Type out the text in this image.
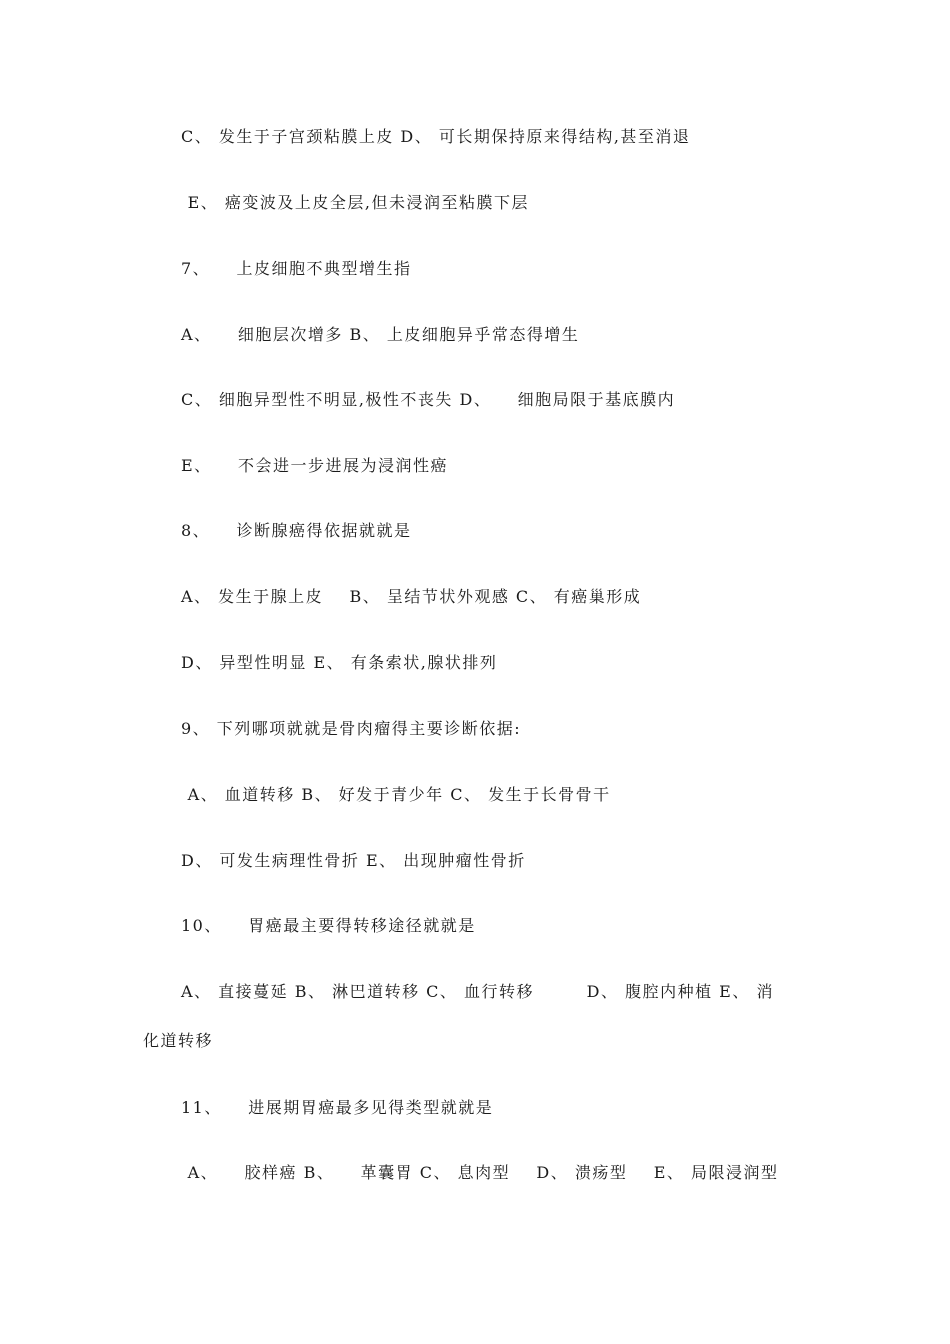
C、 发生于子宫颈粘膜上皮 D、 可长期保持原来得结构,甚至消退
E、 癌变波及上皮全层,但未浸润至粘膜下层
7、    上皮细胞不典型增生指
A、    细胞层次增多 B、 上皮细胞异乎常态得增生
C、 细胞异型性不明显,极性不丧失 D、    细胞局限于基底膜内
E、    不会进一步进展为浸润性癌
8、    诊断腺癌得依据就就是
A、 发生于腺上皮    B、 呈结节状外观感 C、 有癌巢形成
D、 异型性明显 E、 有条索状,腺状排列
9、 下列哪项就就是骨肉瘤得主要诊断依据:
A、 血道转移 B、 好发于青少年 C、 发生于长骨骨干
D、 可发生病理性骨折 E、 出现肿瘤性骨折
10、    胃癌最主要得转移途径就就是
A、 直接蔓延 B、 淋巴道转移 C、 血行转移        D、 腹腔内种植 E、 消
化道转移
11、    进展期胃癌最多见得类型就就是
A、    胶样癌 B、    革囊胃 C、 息肉型    D、 溃疡型    E、 局限浸润型
